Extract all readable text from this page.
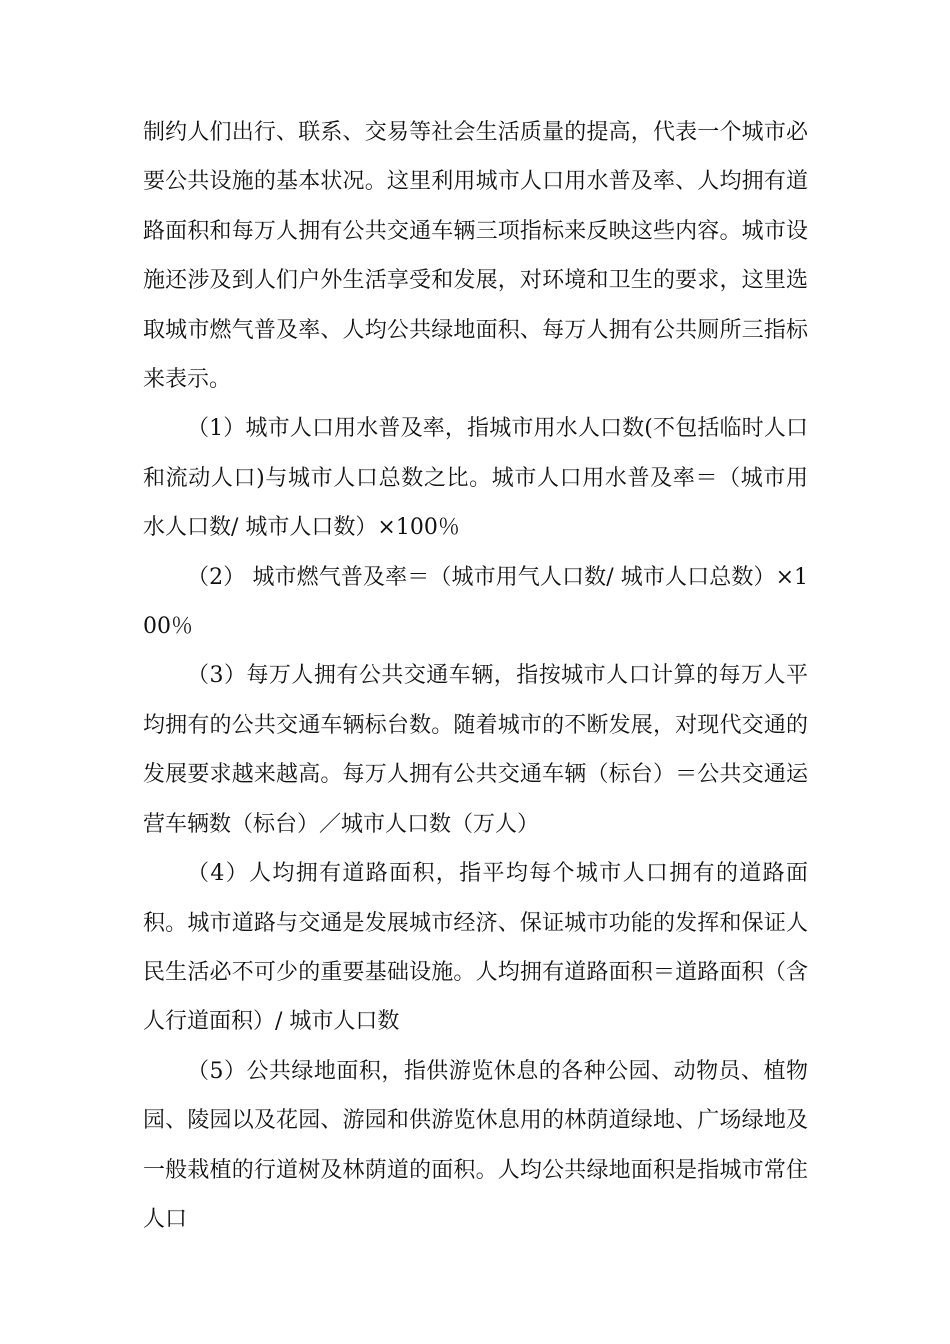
制约人们出行、联系、交易等社会生活质量的提高，代表一个城市必要公共设施的基本状况。这里利用城市人口用水普及率、人均拥有道路面积和每万人拥有公共交通车辆三项指标来反映这些内容。城市设施还涉及到人们户外生活享受和发展，对环境和卫生的要求，这里选取城市燃气普及率、人均公共绿地面积、每万人拥有公共厕所三指标来表示。

（1）城市人口用水普及率，指城市用水人口数(不包括临时人口和流动人口)与城市人口总数之比。城市人口用水普及率＝（城市用水人口数/ 城市人口数）×100％

（2） 城市燃气普及率＝（城市用气人口数/ 城市人口总数）×100％

（3）每万人拥有公共交通车辆，指按城市人口计算的每万人平均拥有的公共交通车辆标台数。随着城市的不断发展，对现代交通的发展要求越来越高。每万人拥有公共交通车辆（标台）＝公共交通运营车辆数（标台）／城市人口数（万人）

（4）人均拥有道路面积，指平均每个城市人口拥有的道路面积。城市道路与交通是发展城市经济、保证城市功能的发挥和保证人民生活必不可少的重要基础设施。人均拥有道路面积＝道路面积（含人行道面积）/ 城市人口数

（5）公共绿地面积，指供游览休息的各种公园、动物员、植物园、陵园以及花园、游园和供游览休息用的林荫道绿地、广场绿地及一般栽植的行道树及林荫道的面积。人均公共绿地面积是指城市常住人口
